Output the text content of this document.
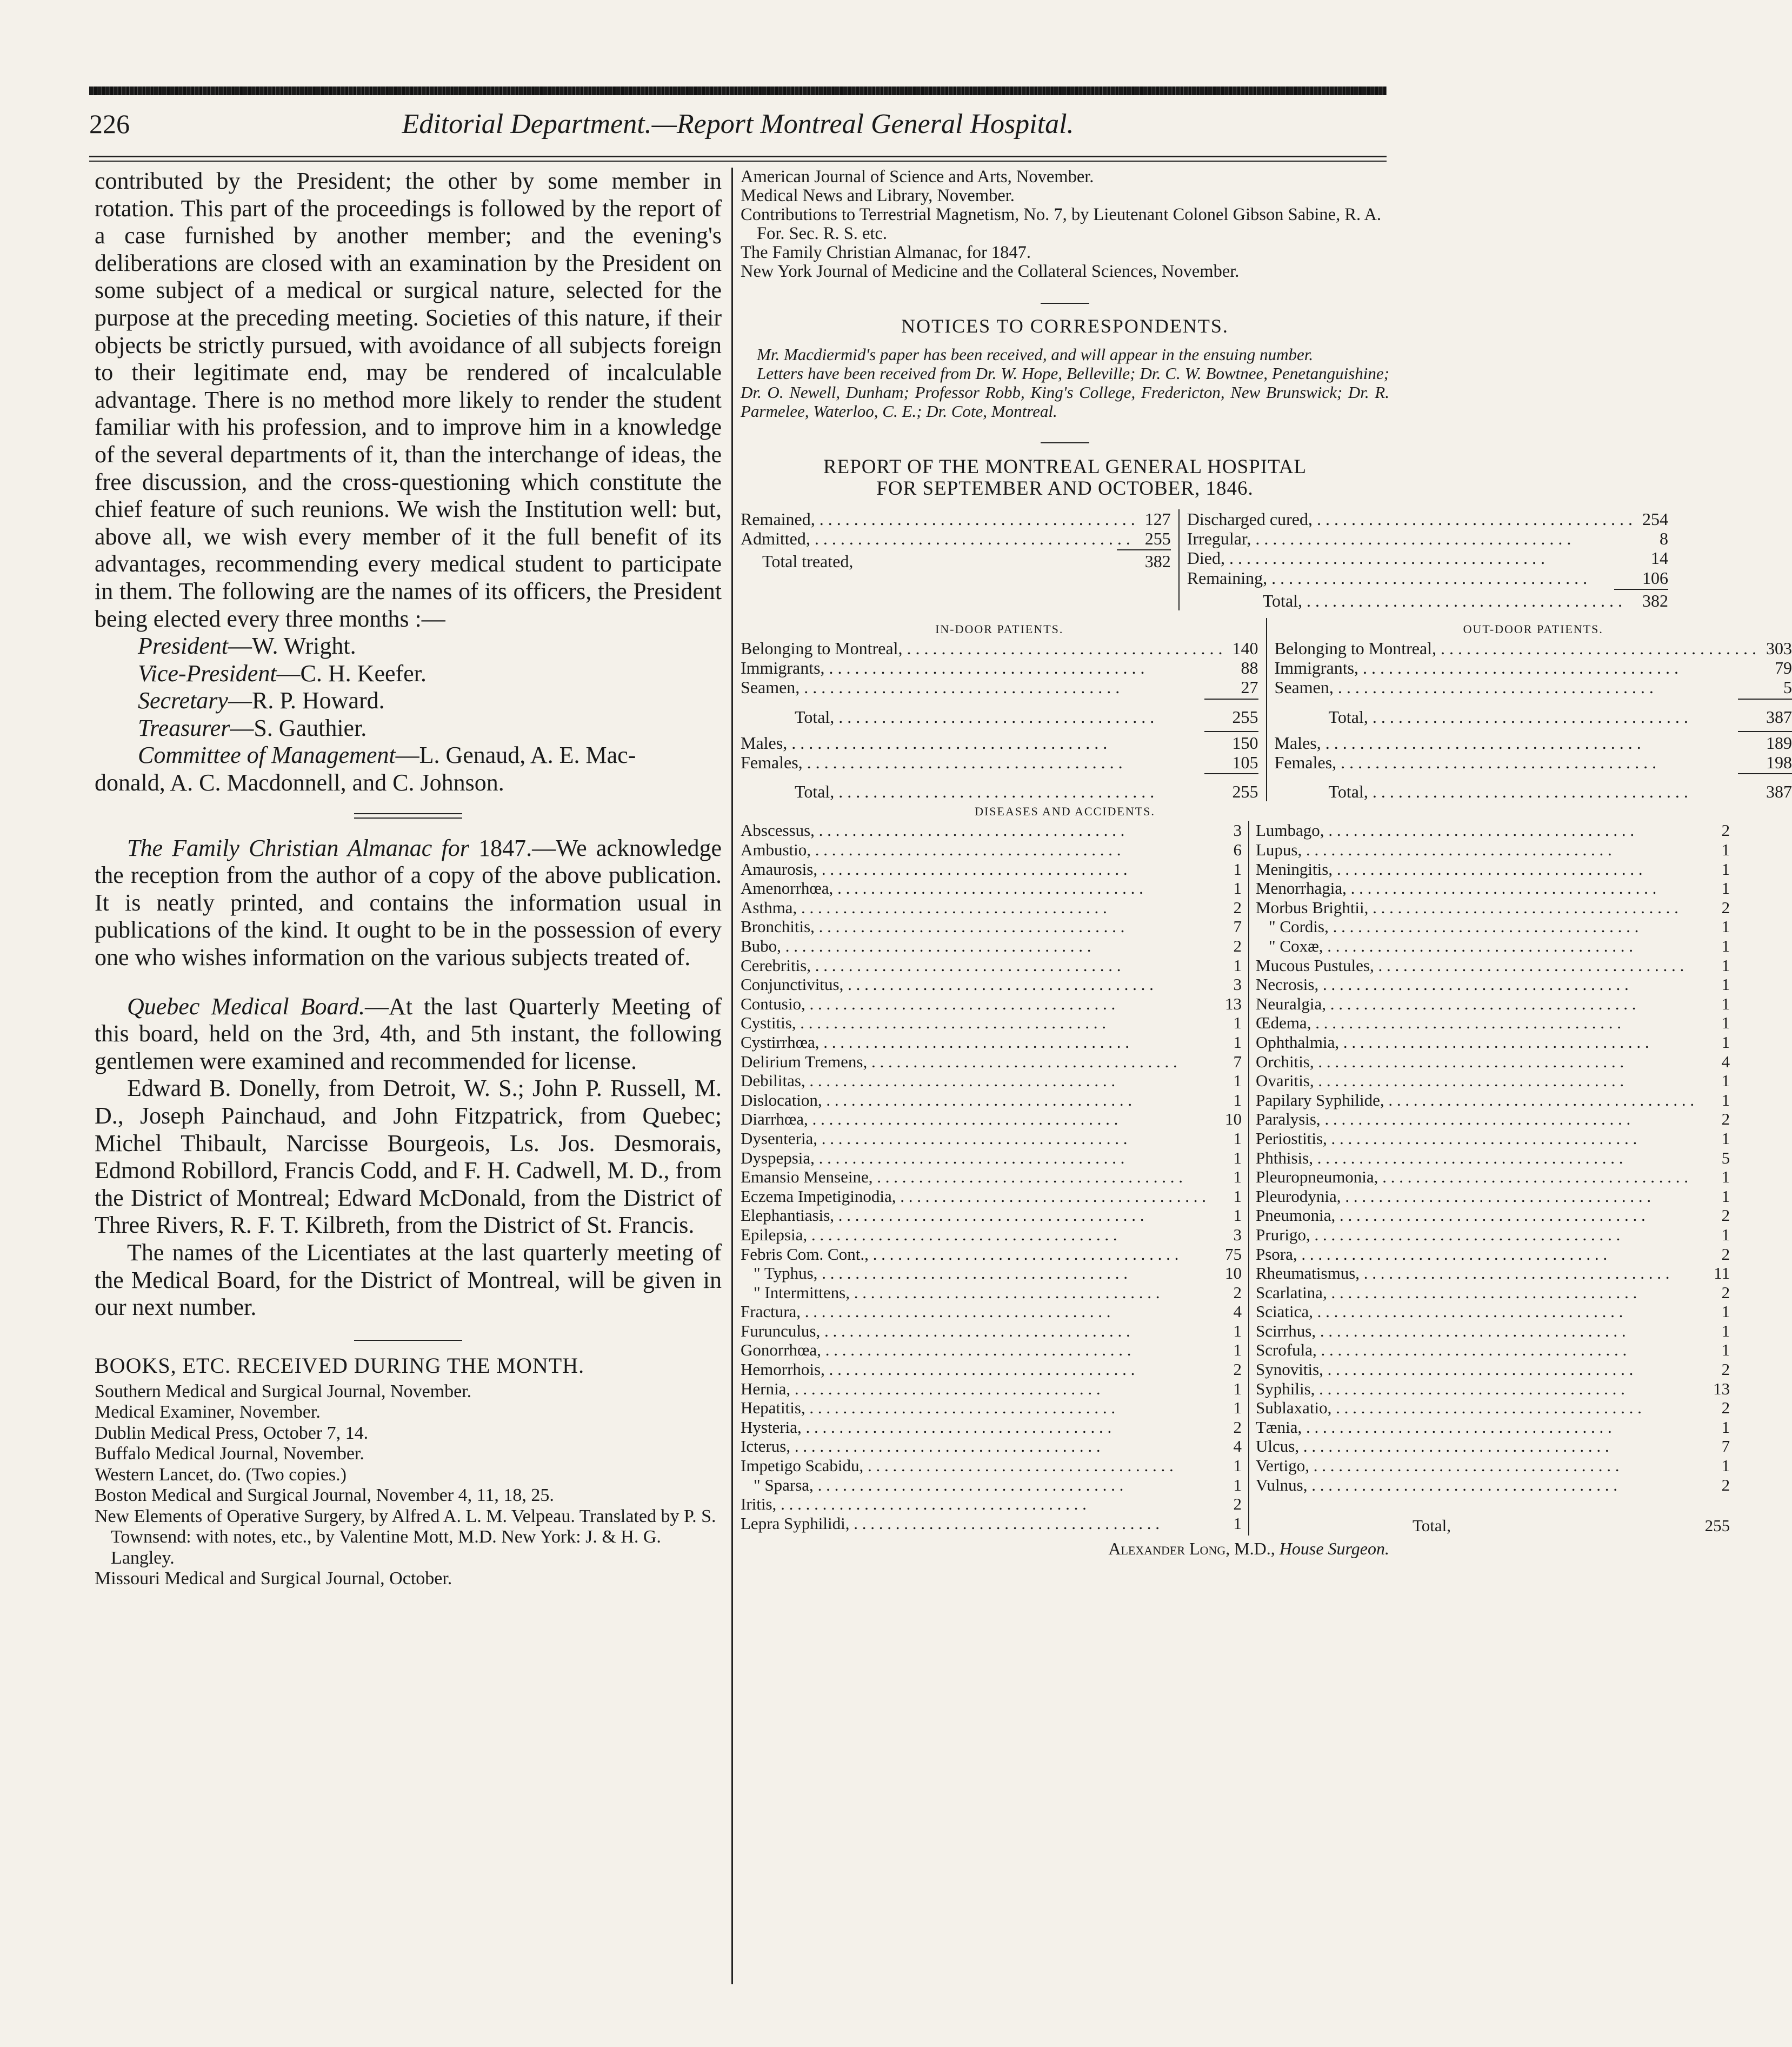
226	Editorial Department.—Report Montreal General Hospital.

contributed by the President; the other by some member in rotation. This part of the proceedings is followed by the report of a case furnished by another member; and the evening's deliberations are closed with an examination by the President on some subject of a medical or surgical nature, selected for the purpose at the preceding meeting. Societies of this nature, if their objects be strictly pursued, with avoidance of all subjects foreign to their legitimate end, may be rendered of incalculable advantage. There is no method more likely to render the student familiar with his profession, and to improve him in a knowledge of the several departments of it, than the interchange of ideas, the free discussion, and the cross-questioning which constitute the chief feature of such reunions. We wish the Institution well: but, above all, we wish every member of it the full benefit of its advantages, recommending every medical student to participate in them. The following are the names of its officers, the President being elected every three months :—

President—W. Wright.
Vice-President—C. H. Keefer.
Secretary—R. P. Howard.
Treasurer—S. Gauthier.
Committee of Management—L. Genaud, A. E. Mac-
donald, A. C. Macdonnell, and C. Johnson.

The Family Christian Almanac for 1847.—We acknowledge the reception from the author of a copy of the above publication. It is neatly printed, and contains the information usual in publications of the kind. It ought to be in the possession of every one who wishes information on the various subjects treated of.

Quebec Medical Board.—At the last Quarterly Meeting of this board, held on the 3rd, 4th, and 5th instant, the following gentlemen were examined and recommended for license.

Edward B. Donelly, from Detroit, W. S.; John P. Russell, M. D., Joseph Painchaud, and John Fitzpatrick, from Quebec; Michel Thibault, Narcisse Bourgeois, Ls. Jos. Desmorais, Edmond Robillord, Francis Codd, and F. H. Cadwell, M. D., from the District of Montreal; Edward McDonald, from the District of Three Rivers, R. F. T. Kilbreth, from the District of St. Francis.

The names of the Licentiates at the last quarterly meeting of the Medical Board, for the District of Montreal, will be given in our next number.

BOOKS, ETC. RECEIVED DURING THE MONTH.

Southern Medical and Surgical Journal, November.

Medical Examiner, November.

Dublin Medical Press, October 7, 14.

Buffalo Medical Journal, November.

Western Lancet, do. (Two copies.)

Boston Medical and Surgical Journal, November 4, 11, 18, 25.

New Elements of Operative Surgery, by Alfred A. L. M. Velpeau. Translated by P. S. Townsend: with notes, etc., by Valentine Mott, M.D. New York: J. & H. G. Langley.

Missouri Medical and Surgical Journal, October.

American Journal of Science and Arts, November.

Medical News and Library, November.

Contributions to Terrestrial Magnetism, No. 7, by Lieutenant Colonel Gibson Sabine, R. A. For. Sec. R. S. etc.

The Family Christian Almanac, for 1847.

New York Journal of Medicine and the Collateral Sciences, November.

NOTICES TO CORRESPONDENTS.

Mr. Macdiermid's paper has been received, and will appear in the ensuing number.

Letters have been received from Dr. W. Hope, Belleville; Dr. C. W. Bowtnee, Penetanguishine; Dr. O. Newell, Dunham; Professor Robb, King's College, Fredericton, New Brunswick; Dr. R. Parmelee, Waterloo, C. E.; Dr. Cote, Montreal.

REPORT OF THE MONTREAL GENERAL HOSPITAL
FOR SEPTEMBER AND OCTOBER, 1846.
Remained, . . .	127
Admitted, . . .	255
Total treated,	382
Discharged cured, . . .	254
Irregular, . . .	8
Died, . . .	14
Remaining, . . .	106
Total, . . .	382
IN-DOOR PATIENTS.
Belonging to Montreal, . . .	140
Immigrants, . . .	88
Seamen, . . .	27
Total, . . .	255
Males, . . .	150
Females, . . .	105
Total, . . .	255
OUT-DOOR PATIENTS.
Belonging to Montreal, . . .	303
Immigrants, . . .	79
Seamen, . . .	5
Total, . . .	387
Males, . . .	189
Females, . . .	198
Total, . . .	387
DISEASES AND ACCIDENTS.
Abscessus, . . .	3
Ambustio, . . .	6
Amaurosis, . . .	1
Amenorrhœa, . . .	1
Asthma, . . .	2
Bronchitis, . . .	7
Bubo, . . .	2
Cerebritis, . . .	1
Conjunctivitus, . . .	3
Contusio, . . .	13
Cystitis, . . .	1
Cystirrhœa, . . .	1
Delirium Tremens, . . .	7
Debilitas, . . .	1
Dislocation, . . .	1
Diarrhœa, . . .	10
Dysenteria, . . .	1
Dyspepsia, . . .	1
Emansio Menseine, . . .	1
Eczema Impetiginodia, . . .	1
Elephantiasis, . . .	1
Epilepsia, . . .	3
Febris Com. Cont., . . .	75
" Typhus, . . .	10
" Intermittens, . . .	2
Fractura, . . .	4
Furunculus, . . .	1
Gonorrhœa, . . .	1
Hemorrhois, . . .	2
Hernia, . . .	1
Hepatitis, . . .	1
Hysteria, . . .	2
Icterus, . . .	4
Impetigo Scabidu, . . .	1
" Sparsa, . . .	1
Iritis, . . .	2
Lepra Syphilidi, . . .	1
Lumbago, . . .	2
Lupus, . . .	1
Meningitis, . . .	1
Menorrhagia, . . .	1
Morbus Brightii, . . .	2
" Cordis, . . .	1
" Coxæ, . . .	1
Mucous Pustules, . . .	1
Necrosis, . . .	1
Neuralgia, . . .	1
Œdema, . . .	1
Ophthalmia, . . .	1
Orchitis, . . .	4
Ovaritis, . . .	1
Papilary Syphilide, . . .	1
Paralysis, . . .	2
Periostitis, . . .	1
Phthisis, . . .	5
Pleuropneumonia, . . .	1
Pleurodynia, . . .	1
Pneumonia, . . .	2
Prurigo, . . .	1
Psora, . . .	2
Rheumatismus, . . .	11
Scarlatina, . . .	2
Sciatica, . . .	1
Scirrhus, . . .	1
Scrofula, . . .	1
Synovitis, . . .	2
Syphilis, . . .	13
Sublaxatio, . . .	2
Tænia, . . .	1
Ulcus, . . .	7
Vertigo, . . .	1
Vulnus, . . .	2
Total,	255
Alexander Long, M.D., House Surgeon.
